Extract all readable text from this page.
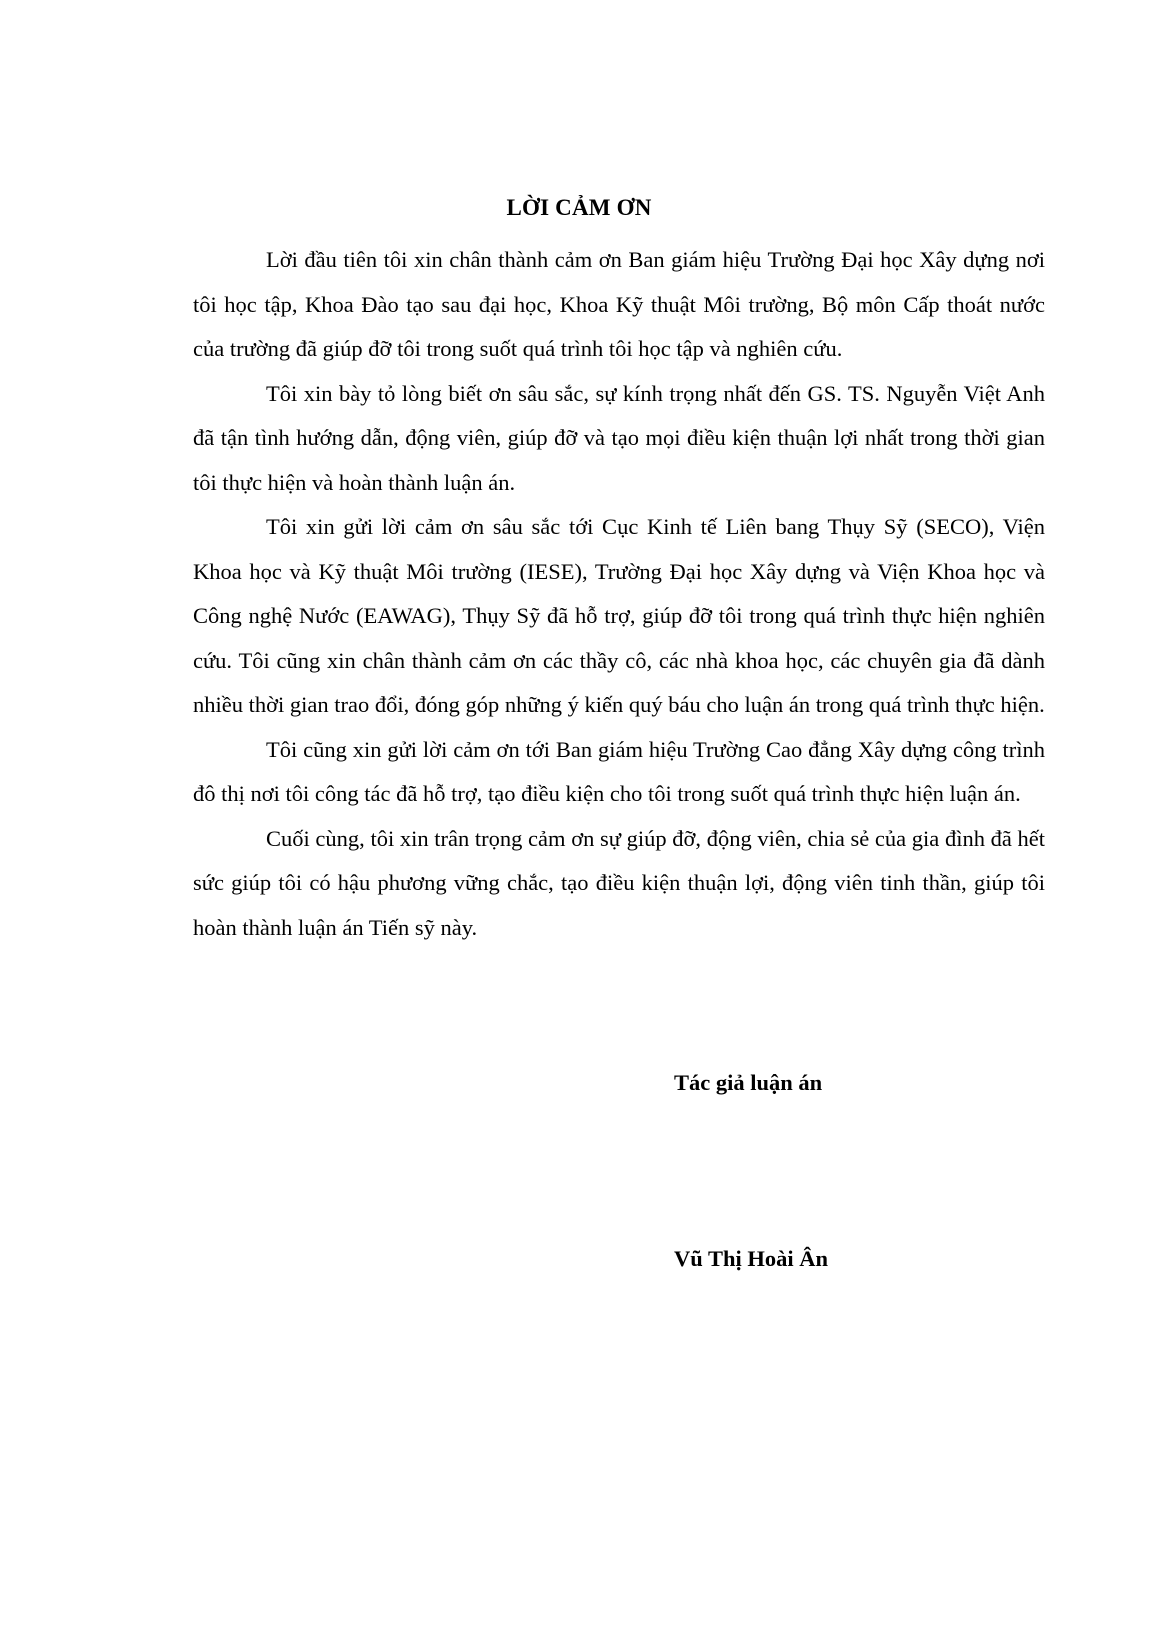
LỜI CẢM ƠN

Lời đầu tiên tôi xin chân thành cảm ơn Ban giám hiệu Trường Đại học Xây dựng nơi tôi học tập, Khoa Đào tạo sau đại học, Khoa Kỹ thuật Môi trường, Bộ môn Cấp thoát nước của trường đã giúp đỡ tôi trong suốt quá trình tôi học tập và nghiên cứu.

Tôi xin bày tỏ lòng biết ơn sâu sắc, sự kính trọng nhất đến GS. TS. Nguyễn Việt Anh đã tận tình hướng dẫn, động viên, giúp đỡ và tạo mọi điều kiện thuận lợi nhất trong thời gian tôi thực hiện và hoàn thành luận án.

Tôi xin gửi lời cảm ơn sâu sắc tới Cục Kinh tế Liên bang Thụy Sỹ (SECO), Viện Khoa học và Kỹ thuật Môi trường (IESE), Trường Đại học Xây dựng và Viện Khoa học và Công nghệ Nước (EAWAG), Thụy Sỹ đã hỗ trợ, giúp đỡ tôi trong quá trình thực hiện nghiên cứu. Tôi cũng xin chân thành cảm ơn các thầy cô, các nhà khoa học, các chuyên gia đã dành nhiều thời gian trao đổi, đóng góp những ý kiến quý báu cho luận án trong quá trình thực hiện.

Tôi cũng xin gửi lời cảm ơn tới Ban giám hiệu Trường Cao đẳng Xây dựng công trình đô thị nơi tôi công tác đã hỗ trợ, tạo điều kiện cho tôi trong suốt quá trình thực hiện luận án.

Cuối cùng, tôi xin trân trọng cảm ơn sự giúp đỡ, động viên, chia sẻ của gia đình đã hết sức giúp tôi có hậu phương vững chắc, tạo điều kiện thuận lợi, động viên tinh thần, giúp tôi hoàn thành luận án Tiến sỹ này.

Tác giả luận án

Vũ Thị Hoài Ân
